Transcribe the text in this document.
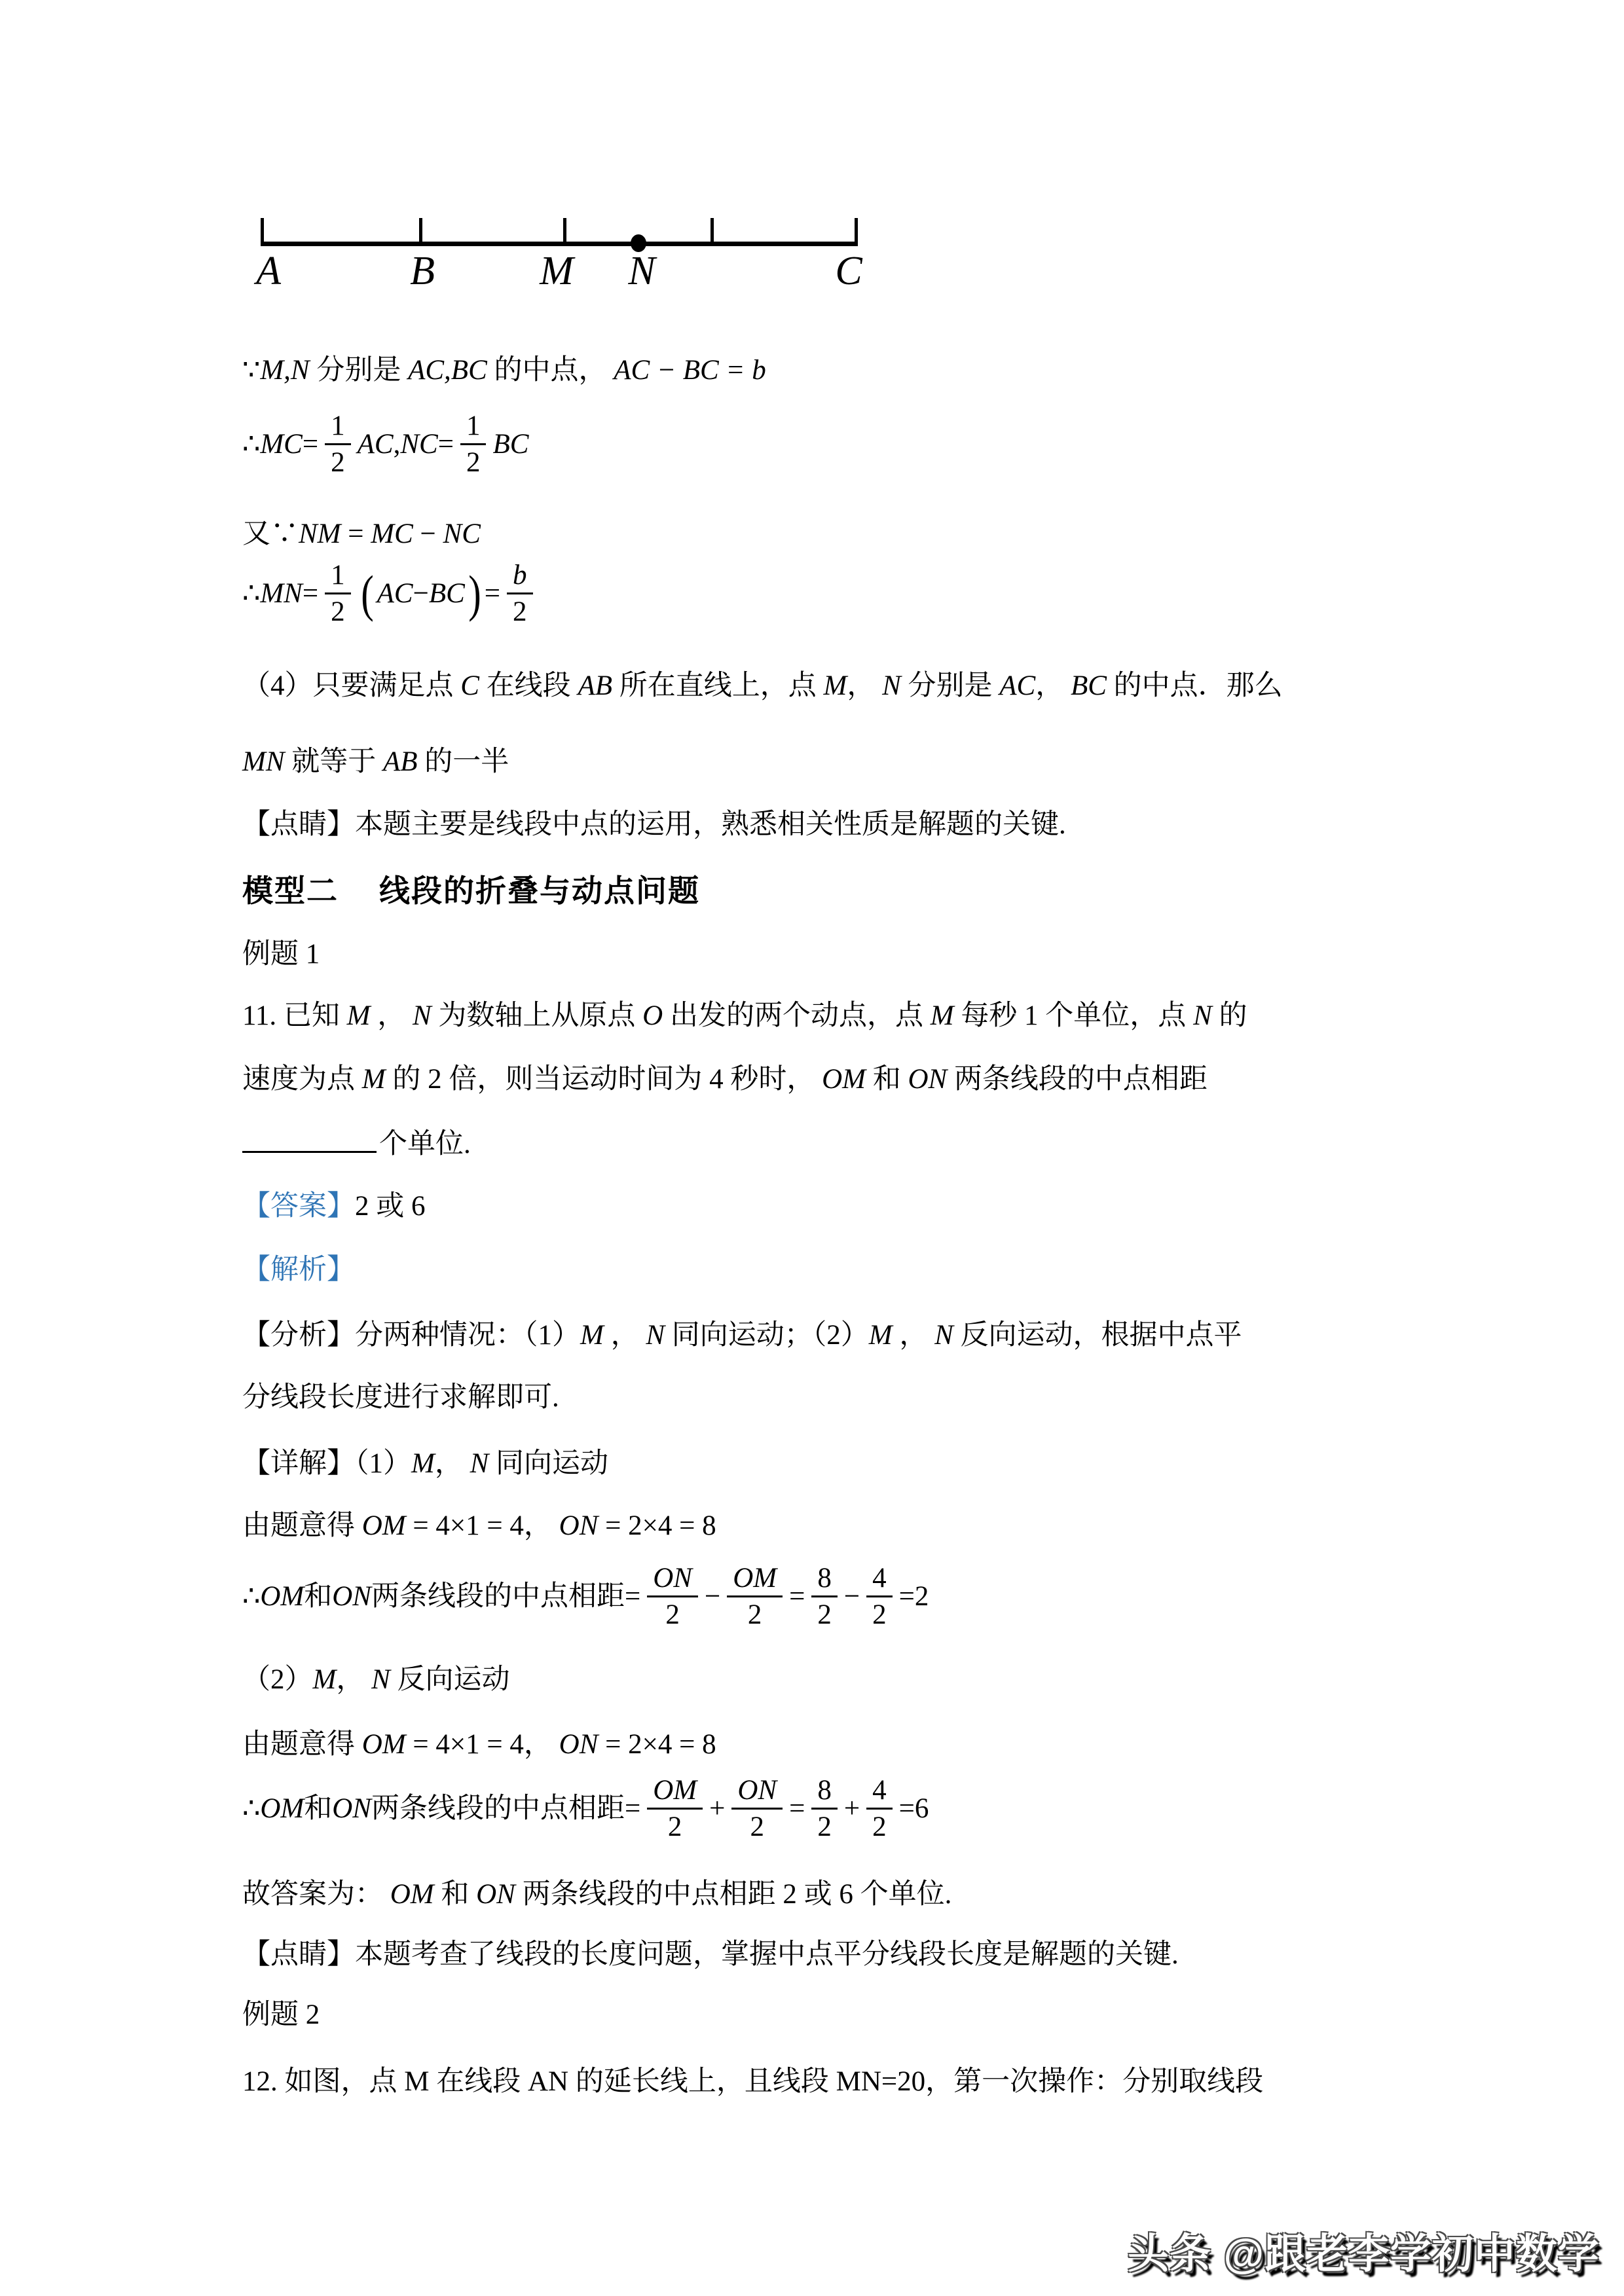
A	B	M N	C
∵M,N 分别是 AC,BC 的中点， AC − BC = b
∴ MC = $\frac{1}{2}$ AC , NC = $\frac{1}{2}$ BC
又∵NM = MC − NC
∴ MN = $\frac{1}{2}$ ( AC − BC ) = $\frac{b}{2}$
（4）只要满足点 C 在线段 AB 所在直线上，点 M， N 分别是 AC， BC 的中点．那么
MN 就等于 AB 的一半
【点睛】本题主要是线段中点的运用，熟悉相关性质是解题的关键.
模型二 线段的折叠与动点问题
例题 1
11. 已知 M ， N 为数轴上从原点 O 出发的两个动点，点 M 每秒 1 个单位，点 N 的
速度为点 M 的 2 倍，则当运动时间为 4 秒时， OM 和 ON 两条线段的中点相距
个单位.
【答案】2 或 6
【解析】
【分析】分两种情况：（1）M ， N 同向运动；（2）M ， N 反向运动，根据中点平
分线段长度进行求解即可.
【详解】（1）M， N 同向运动
由题意得 OM = 4×1 = 4， ON = 2×4 = 8
∴ OM 和 ON 两条线段的中点相距 = $\frac{ON}{2} - \frac{OM}{2} = \frac{8}{2} - \frac{4}{2} = 2$
（2）M， N 反向运动
由题意得 OM = 4×1 = 4， ON = 2×4 = 8
∴ OM 和 ON 两条线段的中点相距 = $\frac{OM}{2} + \frac{ON}{2} = \frac{8}{2} + \frac{4}{2} = 6$
故答案为： OM 和 ON 两条线段的中点相距 2 或 6 个单位.
【点睛】本题考查了线段的长度问题，掌握中点平分线段长度是解题的关键.
例题 2
12. 如图，点 M 在线段 AN 的延长线上，且线段 MN=20，第一次操作：分别取线段
头条 @跟老李学初中数学
